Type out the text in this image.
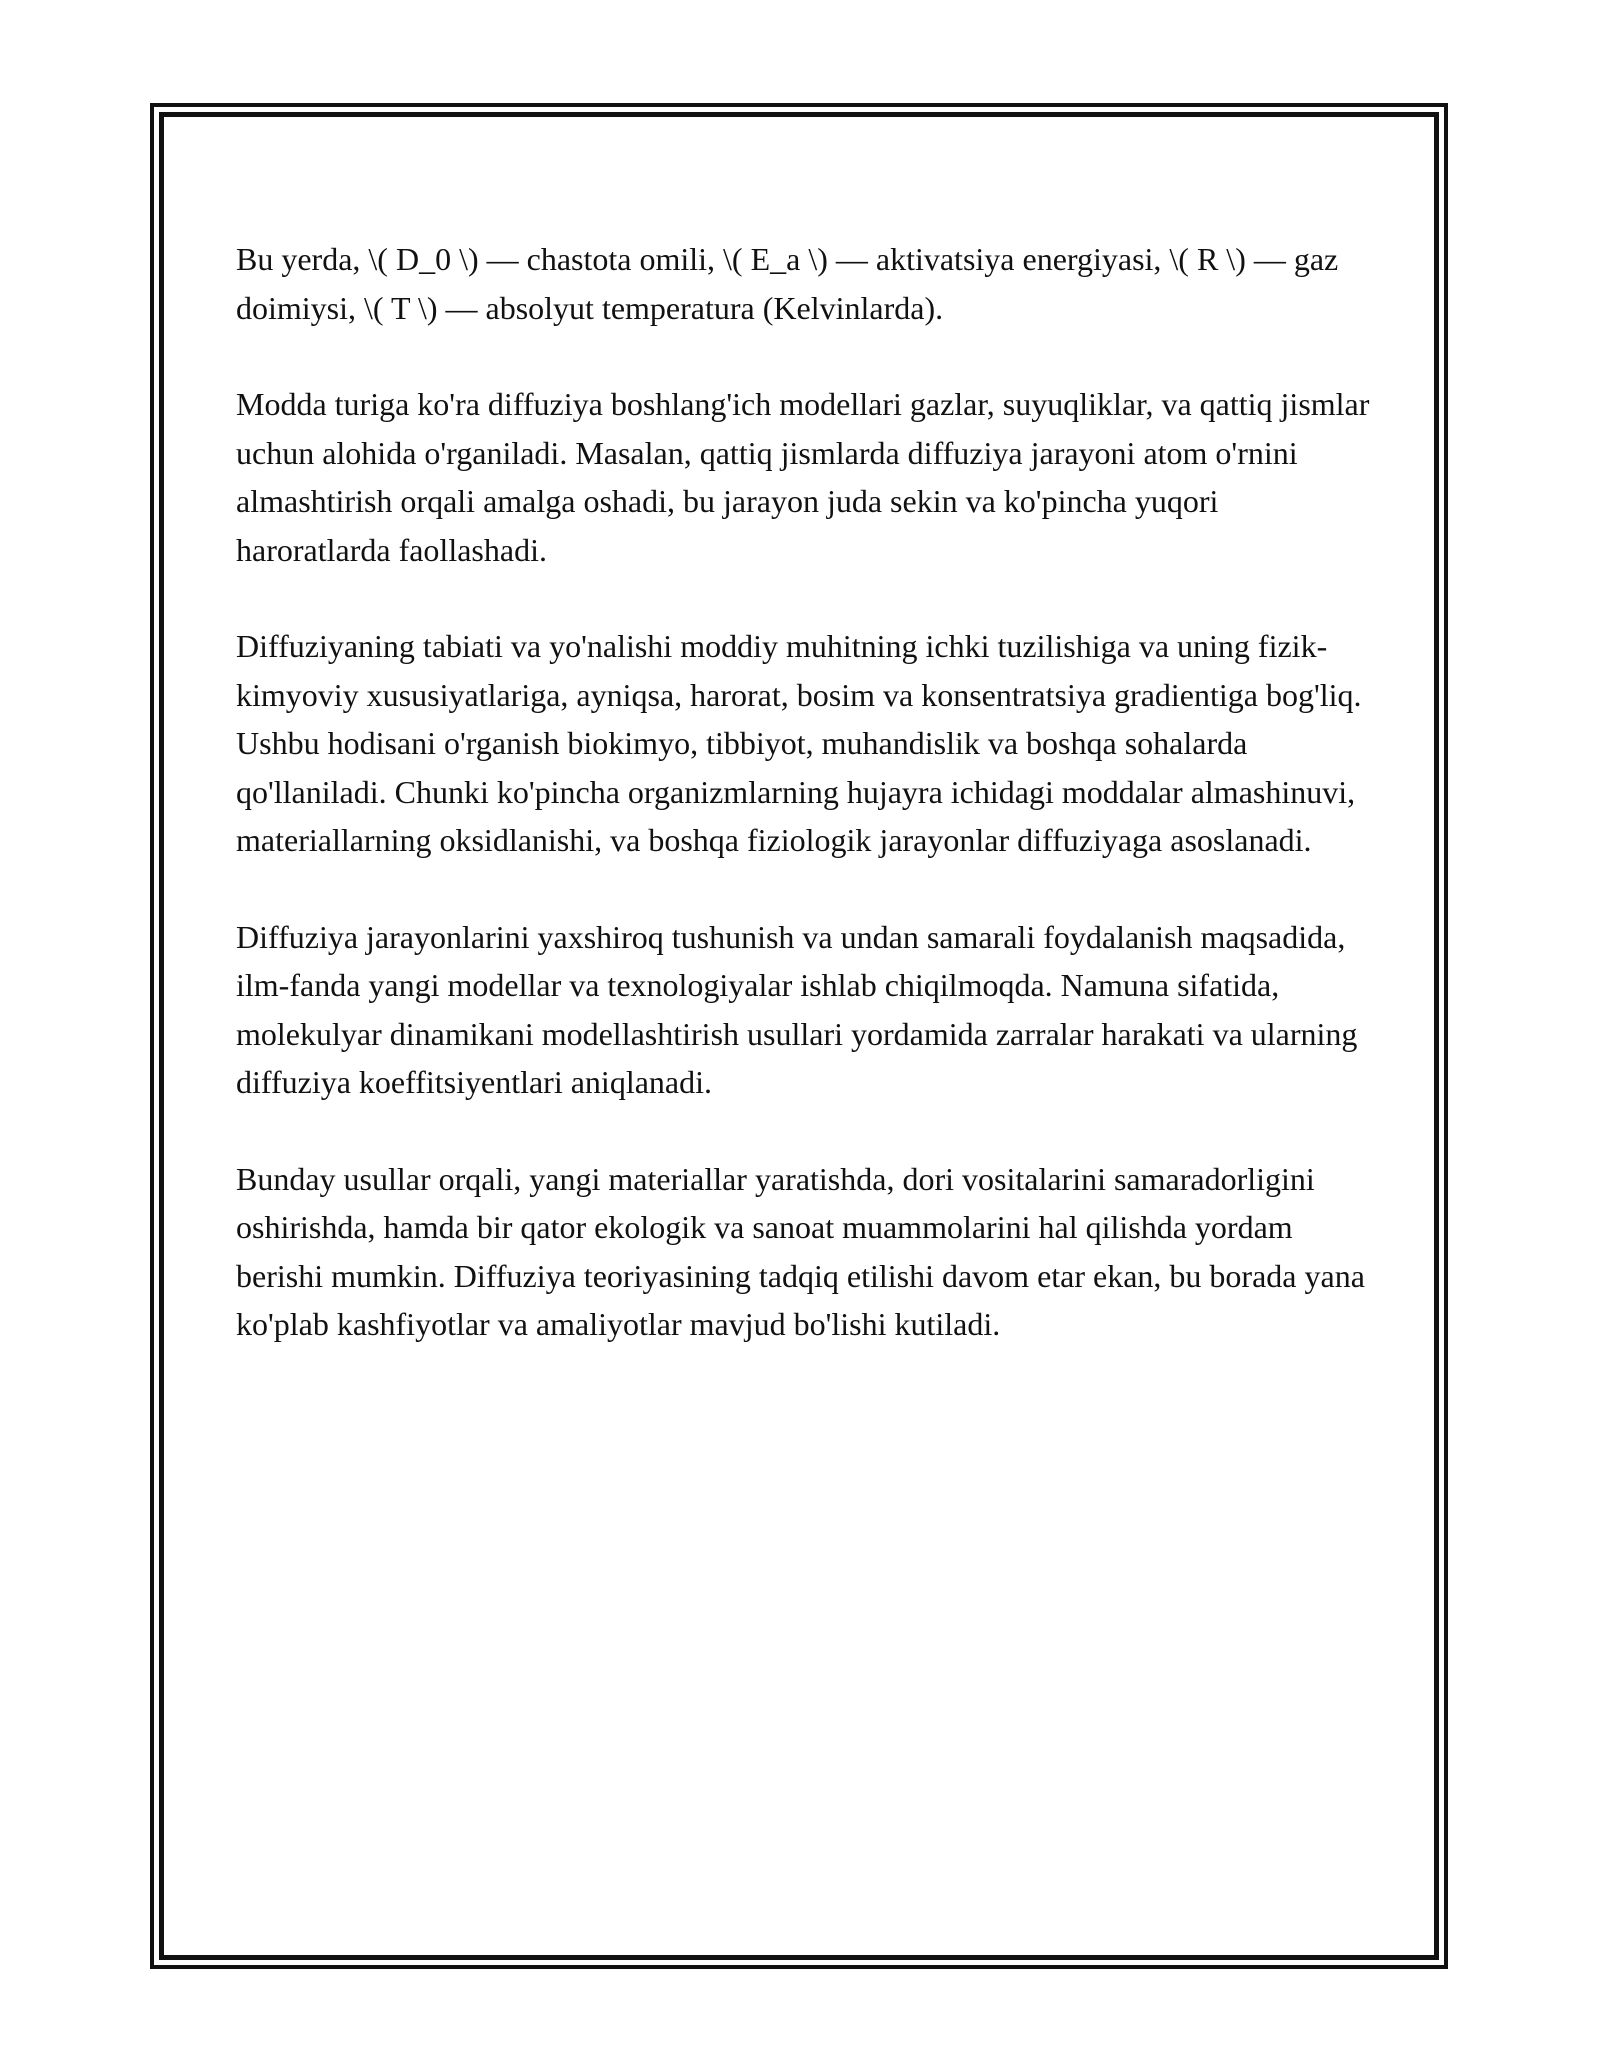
Bu yerda, \( D_0 \) — chastota omili, \( E_a \) — aktivatsiya energiyasi, \( R \) — gaz doimiysi, \( T \) — absolyut temperatura (Kelvinlarda).

Modda turiga ko'ra diffuziya boshlang'ich modellari gazlar, suyuqliklar, va qattiq jismlar uchun alohida o'rganiladi. Masalan, qattiq jismlarda diffuziya jarayoni atom o'rnini almashtirish orqali amalga oshadi, bu jarayon juda sekin va ko'pincha yuqori haroratlarda faollashadi.

Diffuziyaning tabiati va yo'nalishi moddiy muhitning ichki tuzilishiga va uning fizik-kimyoviy xususiyatlariga, ayniqsa, harorat, bosim va konsentratsiya gradientiga bog'liq. Ushbu hodisani o'rganish biokimyo, tibbiyot, muhandislik va boshqa sohalarda qo'llaniladi. Chunki ko'pincha organizmlarning hujayra ichidagi moddalar almashinuvi, materiallarning oksidlanishi, va boshqa fiziologik jarayonlar diffuziyaga asoslanadi.

Diffuziya jarayonlarini yaxshiroq tushunish va undan samarali foydalanish maqsadida, ilm-fanda yangi modellar va texnologiyalar ishlab chiqilmoqda. Namuna sifatida, molekulyar dinamikani modellashtirish usullari yordamida zarralar harakati va ularning diffuziya koeffitsiyentlari aniqlanadi.

Bunday usullar orqali, yangi materiallar yaratishda, dori vositalarini samaradorligini oshirishda, hamda bir qator ekologik va sanoat muammolarini hal qilishda yordam berishi mumkin. Diffuziya teoriyasining tadqiq etilishi davom etar ekan, bu borada yana ko'plab kashfiyotlar va amaliyotlar mavjud bo'lishi kutiladi.
